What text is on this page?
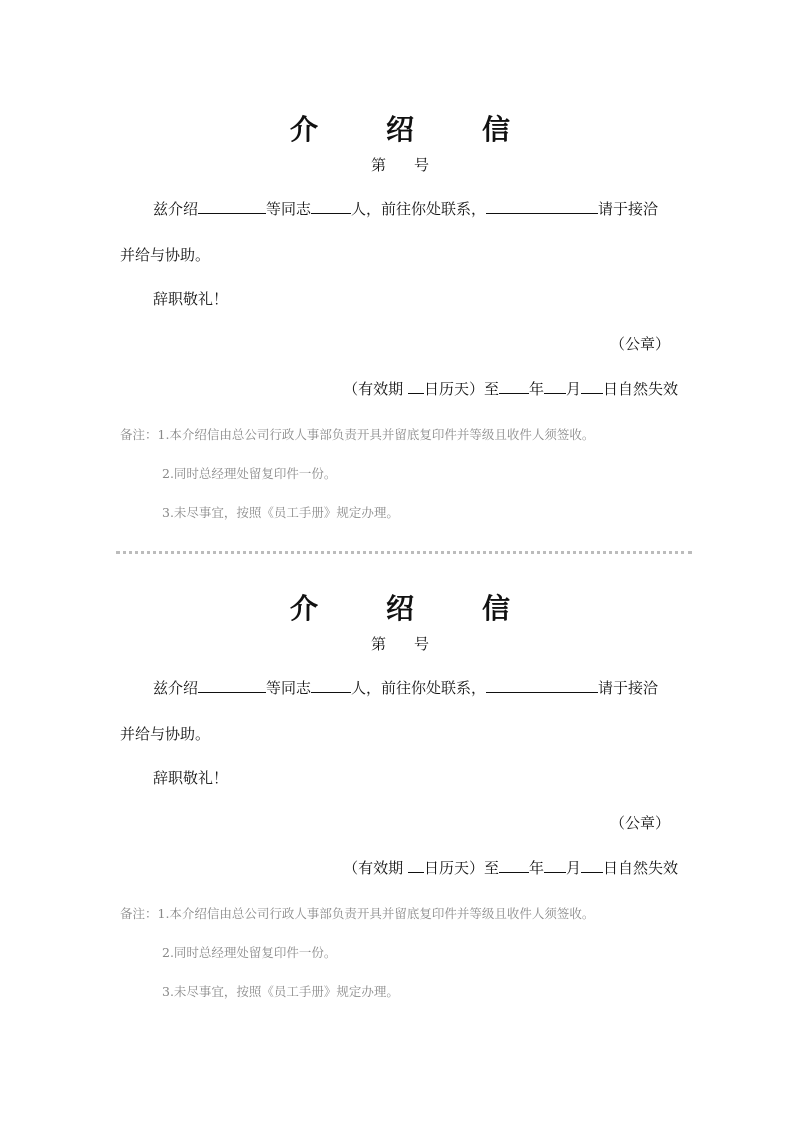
介 绍 信
第 号
兹介绍	等同志	人，前往你处联系，	请于接洽
并给与协助。
辞职敬礼！
（公章）
（有效期 日历天）至 年 月 日自然失效
备注：1.本介绍信由总公司行政人事部负责开具并留底复印件并等级且收件人须签收。
2.同时总经理处留复印件一份。
3.未尽事宜，按照《员工手册》规定办理。
介 绍 信
第 号
兹介绍	等同志	人，前往你处联系，	请于接洽
并给与协助。
辞职敬礼！
（公章）
（有效期 日历天）至 年 月 日自然失效
备注：1.本介绍信由总公司行政人事部负责开具并留底复印件并等级且收件人须签收。
2.同时总经理处留复印件一份。
3.未尽事宜，按照《员工手册》规定办理。
